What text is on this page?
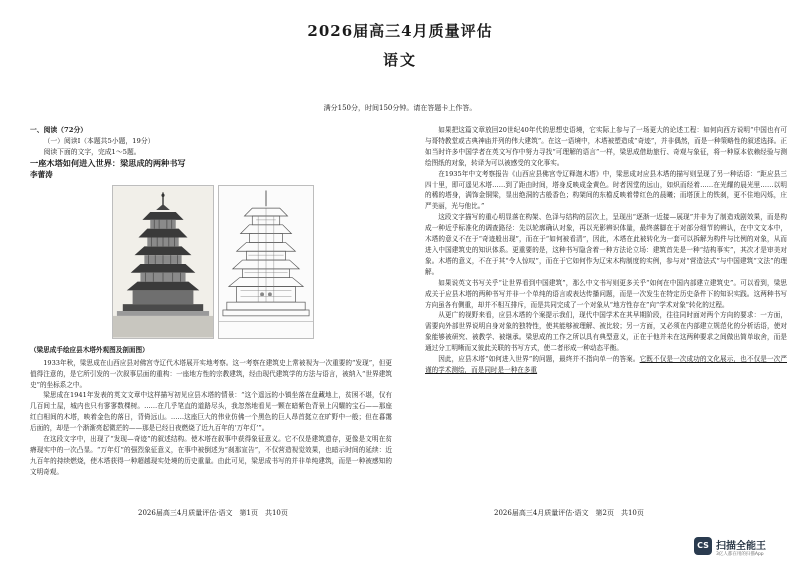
2026届高三4月质量评估
语文
满分150分，时间150分钟。请在答题卡上作答。

一、阅读（72分）

（一）阅读Ⅰ（本题共5小题，19分）

阅读下面的文字，完成1～5题。

一座木塔如何进入世界：梁思成的两种书写

李蕾涛

（梁思成手绘应县木塔外观图及剖面图）

1933年秋，梁思成在山西应县对佛宫寺辽代木塔展开实地考察。这一考察在建筑史上常被视为一次重要的“发现”，但更值得注意的，是它所引发的一次叙事层面的重构：一座地方性的宗教建筑，经由现代建筑学的方法与语言，被纳入“世界建筑史”的坐标系之中。

梁思成在1941年发表的英文文章中这样描写初见应县木塔的情景：“这个遥远的小镇坐落在盘藏地上，贫困不堪，仅有几百间土屋，城内也只有寥寥数棵树。……在几乎笔直的道路尽头，我忽然地看见一颗在暗紫色背景上闪耀的宝石——那座红白相间的木塔，映着金色的落日，背倚远山。……这座巨大的伟业仿佛一个黑色的巨人昂首挺立在旷野中一般；但在暮霭后面的，却是一个渐渐亮起微茫的——那是已经日夜燃烧了近九百年的‘万年灯’”。

在这段文字中，出现了“发现—奇迹”的叙述结构。使木塔在叙事中获得象征意义。它不仅是建筑遗存，更像是文明在贫瘠现实中的一次凸显。“万年灯”的强烈象征意义，在事中被倒述为“刹那宣告”，不仅营造视觉效果，也暗示时间的延续：近九百年的持续燃烧，使木塔获得一种超越现实处境的历史重量。由此可见，梁思成书写的并非单纯建筑，而是一种被感知的文明奇观。

如果把这篇文章放回20世纪40年代的思想史语境，它实际上参与了一场更大的论述工程：如何向西方说明“中国也有可与哥特教堂或古典神庙并列的伟大建筑”。在这一语境中，木塔被塑造成“奇迹”，并非偶然，而是一种策略性的叙述选择。正如当时许多中国学者在英文写作中努力寻找“可理解的语言”一样，梁思成借助旅行、奇观与象征，将一种原本依赖经验与测绘图纸的对象，转译为可以被感受的文化事实。

在1935年中文考察报告《山西应县佛宫寺辽释迦木塔》中，梁思成对应县木塔的描写则呈现了另一种话语：“距应县三四十里，即可遥见木塔……到了距由时间，塔身反映成金黄色。时者因堂的远山，如炽而经着……在光耀的晨光里……以明的稀的塔身，满饰金铜梁，显出绝洞的古般香色；构架间的东檐反映着带红色的晨曦；而塔顶上的铁刹，更不住地闪烁，庄严美丽，光与他比。”

这段文字描写的重心明显落在构架、色泽与结构的层次上，呈现出“逐渐一近接—展现”并非为了制造戏剧效果，而是构成一种近乎标准化的调查路径：先以轮廓确认对象，再以光影辨识体量，最终落脚在于对部分细节的辨认，在中文文本中，木塔的意义不在于“奇迹般出现”，而在于“如何被看清”，因此，木塔在此被转化为一套可以拆解为构件与比例的对象，从而进入中国建筑史的知识体系。更重要的是，这种书写隐含着一种方法论立场：建筑首先是一种“结构事实”，其次才是审美对象。木塔的意义，不在于其“令人惊叹”，而在于它如何作为辽宋木构制度的实例，参与对“营造法式”与中国建筑“文法”的理解。

如果说英文书写关乎“让世界看到中国建筑”，那么中文书写则更多关乎“如何在中国内部建立建筑史”。可以看到，梁思成关于应县木塔的两种书写并非一个单纯的语言或表达传播问题，而是一次发生在特定历史条件下的知识实践。这两种书写方向虽各有侧重，却并不相互排斥，而是共同完成了一个对象从“地方性存在”向“学术对象”转化的过程。

从更广的视野来看，应县木塔的个案提示我们，现代中国学术在其早期阶段，往往同时面对两个方向的要求：一方面，需要向外部世界说明自身对象的独特性，使其能够被理解、被比较；另一方面，又必须在内部建立规范化的分析话语，使对象能够被研究、被教学、被继承。梁思成的工作之所以具有典型意义，正在于他并未在这两种要求之间做出简单取舍，而是通过分工明晰而又彼此关联的书写方式，使二者形成一种动态平衡。

因此，应县木塔“如何进入世界”的问题，最终并不指向单一的答案。它既不仅是一次成功的文化展示，也不仅是一次严谨的学术测绘，而是同时是一种在多重

2026届高三4月质量评估·语文　第1页　共10页	2026届高三4月质量评估·语文　第2页　共10页
CS 扫描全能王
3亿人都在用的扫描App
